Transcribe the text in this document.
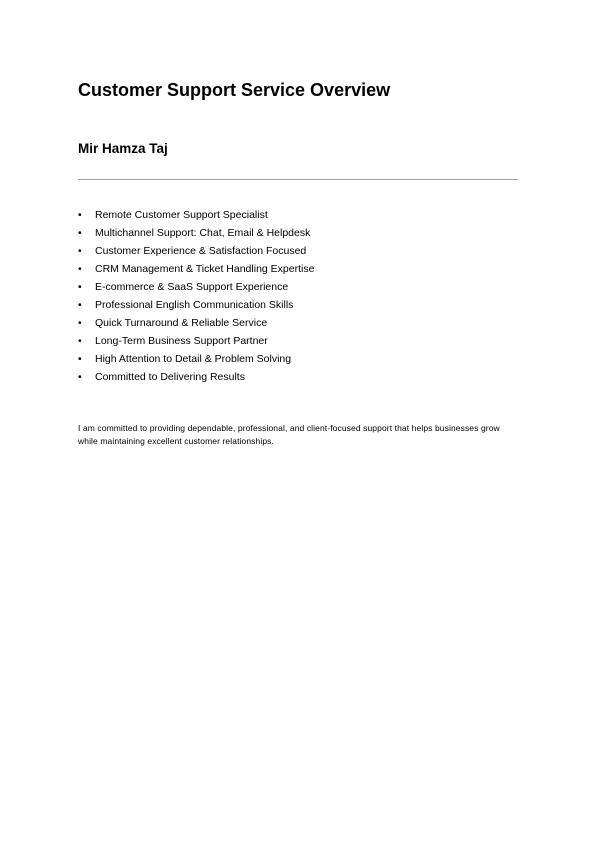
Customer Support Service Overview
Mir Hamza Taj
•	Remote Customer Support Specialist
•	Multichannel Support: Chat, Email & Helpdesk
•	Customer Experience & Satisfaction Focused
•	CRM Management & Ticket Handling Expertise
•	E-commerce & SaaS Support Experience
•	Professional English Communication Skills
•	Quick Turnaround & Reliable Service
•	Long-Term Business Support Partner
•	High Attention to Detail & Problem Solving
•	Committed to Delivering Results

I am committed to providing dependable, professional, and client-focused support that helps businesses grow while maintaining excellent customer relationships.
